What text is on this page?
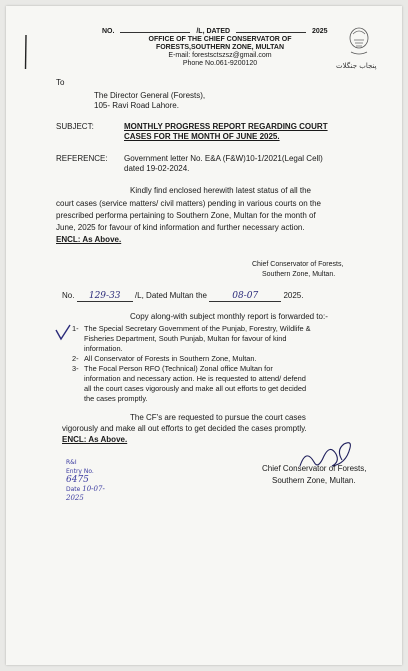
NO.	/L, DATED	2025
OFFICE OF THE CHIEF CONSERVATOR OF
FORESTS,SOUTHERN ZONE, MULTAN
E-mail: forestsctszsz@gmail.com
Phone No.061-9200120	پنجاب جنگلات
To
The Director General (Forests),
105- Ravi Road Lahore.
SUBJECT:	MONTHLY PROGRESS REPORT REGARDING COURT
CASES FOR THE MONTH OF JUNE 2025.
REFERENCE: Government letter No. E&A (F&W)10-1/2021(Legal Cell)
dated 19-02-2024.
Kindly find enclosed herewith latest status of all the
court cases (service matters/ civil matters) pending in various courts on the
prescribed performa pertaining to Southern Zone, Multan for the month of
June, 2025 for favour of kind information and further necessary action.
ENCL: As Above.
Chief Conservator of Forests,
Southern Zone, Multan.
No. 129-33 /L, Dated Multan the	08-07	2025.
Copy along-with subject monthly report is forwarded to:-
1- The Special Secretary Government of the Punjab, Forestry, Wildlife &
Fisheries Department, South Punjab, Multan for favour of kind
information.
2- All Conservator of Forests in Southern Zone, Multan.
3- The Focal Person RFO (Technical) Zonal office Multan for
information and necessary action. He is requested to attend/ defend
all the court cases vigorously and make all out efforts to get decided
the cases promptly.
The CF's are requested to pursue the court cases
vigorously and make all out efforts to get decided the cases promptly.
ENCL: As Above.
R&I
Entry No. 6475
Date 10-07-2025
Chief Conservator of Forests,
Southern Zone, Multan.
